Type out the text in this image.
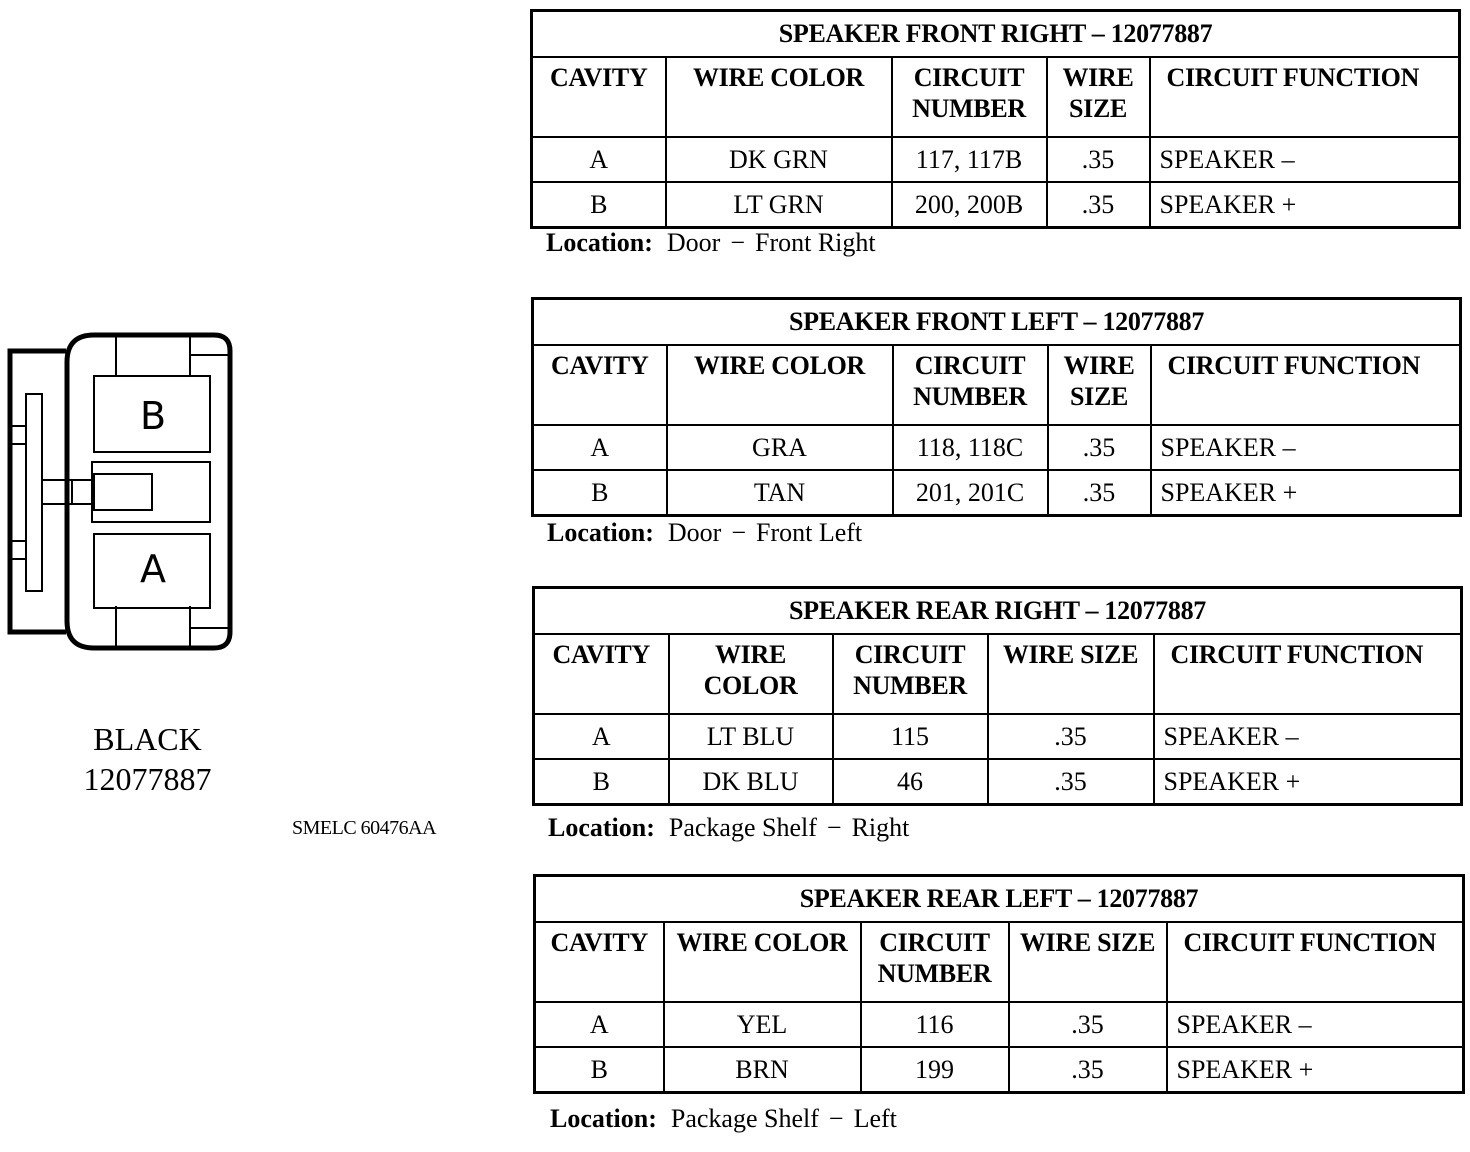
B
A
BLACK
12077887
SMELC 60476AA
SPEAKER FRONT RIGHT – 12077887				
CAVITY	WIRE COLOR	CIRCUIT NUMBER	WIRE SIZE	CIRCUIT FUNCTION
A	DK GRN	117, 117B	.35	SPEAKER –
B	LT GRN	200, 200B	.35	SPEAKER +
Location: Door − Front Right
SPEAKER FRONT LEFT – 12077887				
CAVITY	WIRE COLOR	CIRCUIT NUMBER	WIRE SIZE	CIRCUIT FUNCTION
A	GRA	118, 118C	.35	SPEAKER –
B	TAN	201, 201C	.35	SPEAKER +
Location: Door − Front Left
SPEAKER REAR RIGHT – 12077887				
CAVITY	WIRE COLOR	CIRCUIT NUMBER	WIRE SIZE	CIRCUIT FUNCTION
A	LT BLU	115	.35	SPEAKER –
B	DK BLU	46	.35	SPEAKER +
Location: Package Shelf − Right
SPEAKER REAR LEFT – 12077887				
CAVITY	WIRE COLOR	CIRCUIT NUMBER	WIRE SIZE	CIRCUIT FUNCTION
A	YEL	116	.35	SPEAKER –
B	BRN	199	.35	SPEAKER +
Location: Package Shelf − Left
